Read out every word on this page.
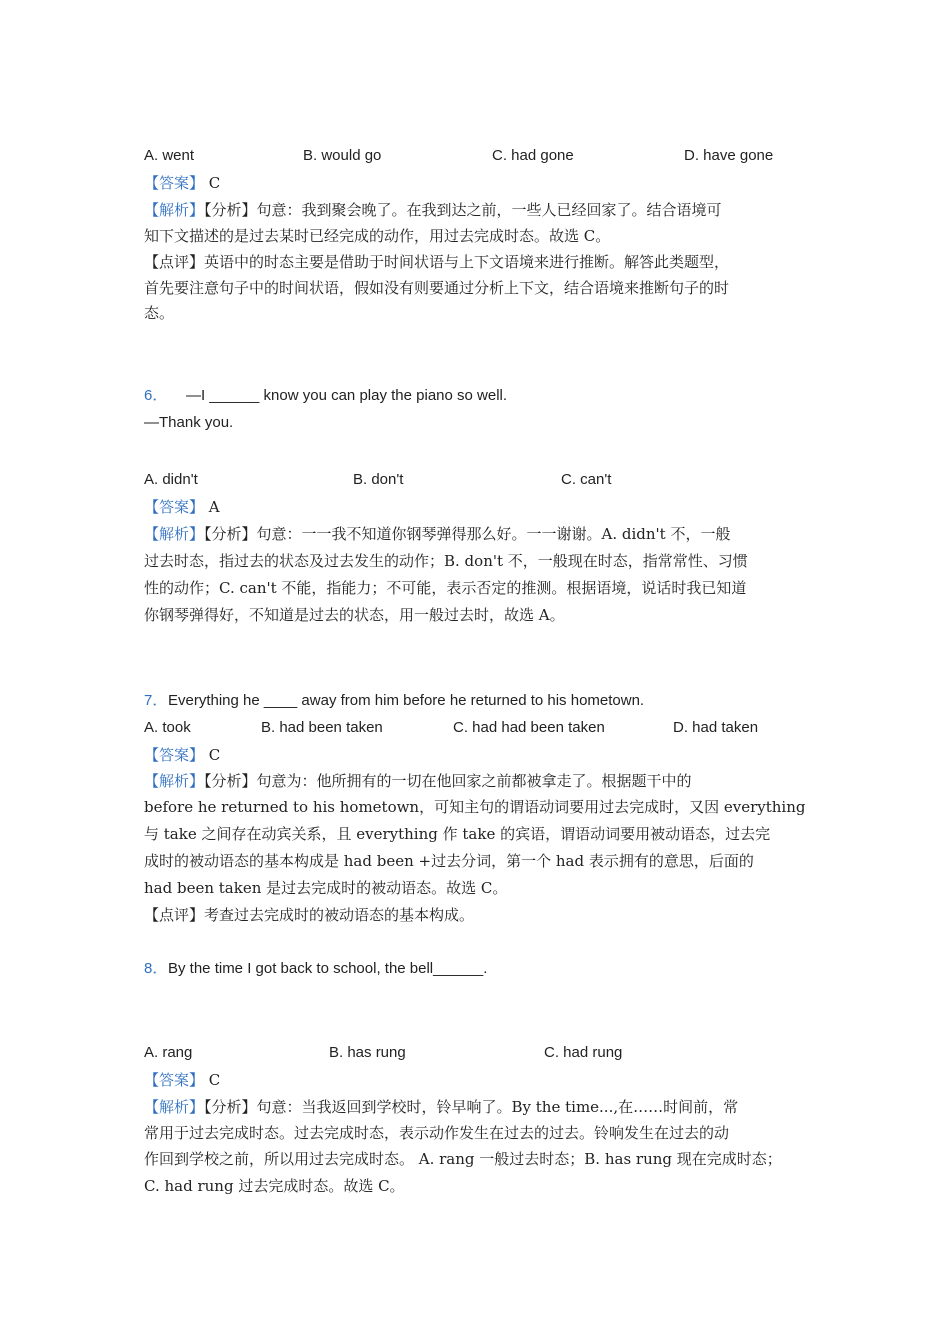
A. went	B. would go	C. had gone	D. have gone
【答案】 C
【解析】【分析】句意：我到聚会晚了。在我到达之前，一些人已经回家了。结合语境可
知下文描述的是过去某时已经完成的动作，用过去完成时态。故选 C。
【点评】英语中的时态主要是借助于时间状语与上下文语境来进行推断。解答此类题型，
首先要注意句子中的时间状语，假如没有则要通过分析上下文，结合语境来推断句子的时
态。
6． —I ______ know you can play the piano so well.
—Thank you.
A. didn't	B. don't	C. can't
【答案】 A
【解析】【分析】句意：一一我不知道你钢琴弹得那么好。一一谢谢。A. didn't 不，一般
过去时态，指过去的状态及过去发生的动作；B. don't 不，一般现在时态，指常常性、习惯
性的动作；C. can't 不能，指能力；不可能，表示否定的推测。根据语境，说话时我已知道
你钢琴弹得好，不知道是过去的状态，用一般过去时，故选 A。
7． Everything he ____ away from him before he returned to his hometown.
A. took	B. had been taken	C. had had been taken	D. had taken
【答案】 C
【解析】【分析】句意为：他所拥有的一切在他回家之前都被拿走了。根据题干中的
before he returned to his hometown，可知主句的谓语动词要用过去完成时，又因 everything
与 take 之间存在动宾关系，且 everything 作 take 的宾语，谓语动词要用被动语态，过去完
成时的被动语态的基本构成是 had been +过去分词，第一个 had 表示拥有的意思，后面的
had been taken 是过去完成时的被动语态。故选 C。
【点评】考查过去完成时的被动语态的基本构成。
8． By the time I got back to school, the bell______.
A. rang	B. has rung	C. had rung
【答案】 C
【解析】【分析】句意：当我返回到学校时，铃早响了。By the time...,在……时间前，常
常用于过去完成时态。过去完成时态，表示动作发生在过去的过去。铃响发生在过去的动
作回到学校之前，所以用过去完成时态。 A. rang 一般过去时态；B. has rung 现在完成时态；
C. had rung 过去完成时态。故选 C。
